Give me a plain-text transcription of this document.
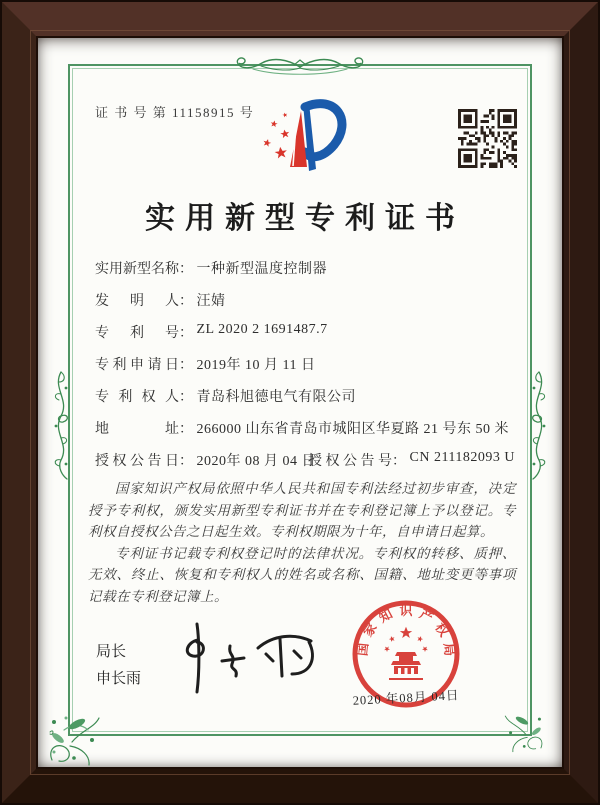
证 书 号 第 11158915 号
实用新型专利证书
实用新型名称： 一种新型温度控制器
发明人： 汪婧
专利号： ZL 2020 2 1691487.7
专利申请日： 2019年 10 月 11 日
专利权人： 青岛科旭德电气有限公司
地址： 266000 山东省青岛市城阳区华夏路 21 号东 50 米
授权公告日： 2020年 08 月 04 日
授权公告号： CN 211182093 U

国家知识产权局依照中华人民共和国专利法经过初步审查，决定授予专利权，颁发实用新型专利证书并在专利登记簿上予以登记。专利权自授权公告之日起生效。专利权期限为十年，自申请日起算。

专利证书记载专利权登记时的法律状况。专利权的转移、质押、无效、终止、恢复和专利权人的姓名或名称、国籍、地址变更等事项记载在专利登记簿上。

局长
申长雨
国
家
知 识 产
权
局
2020 年08月 04日
